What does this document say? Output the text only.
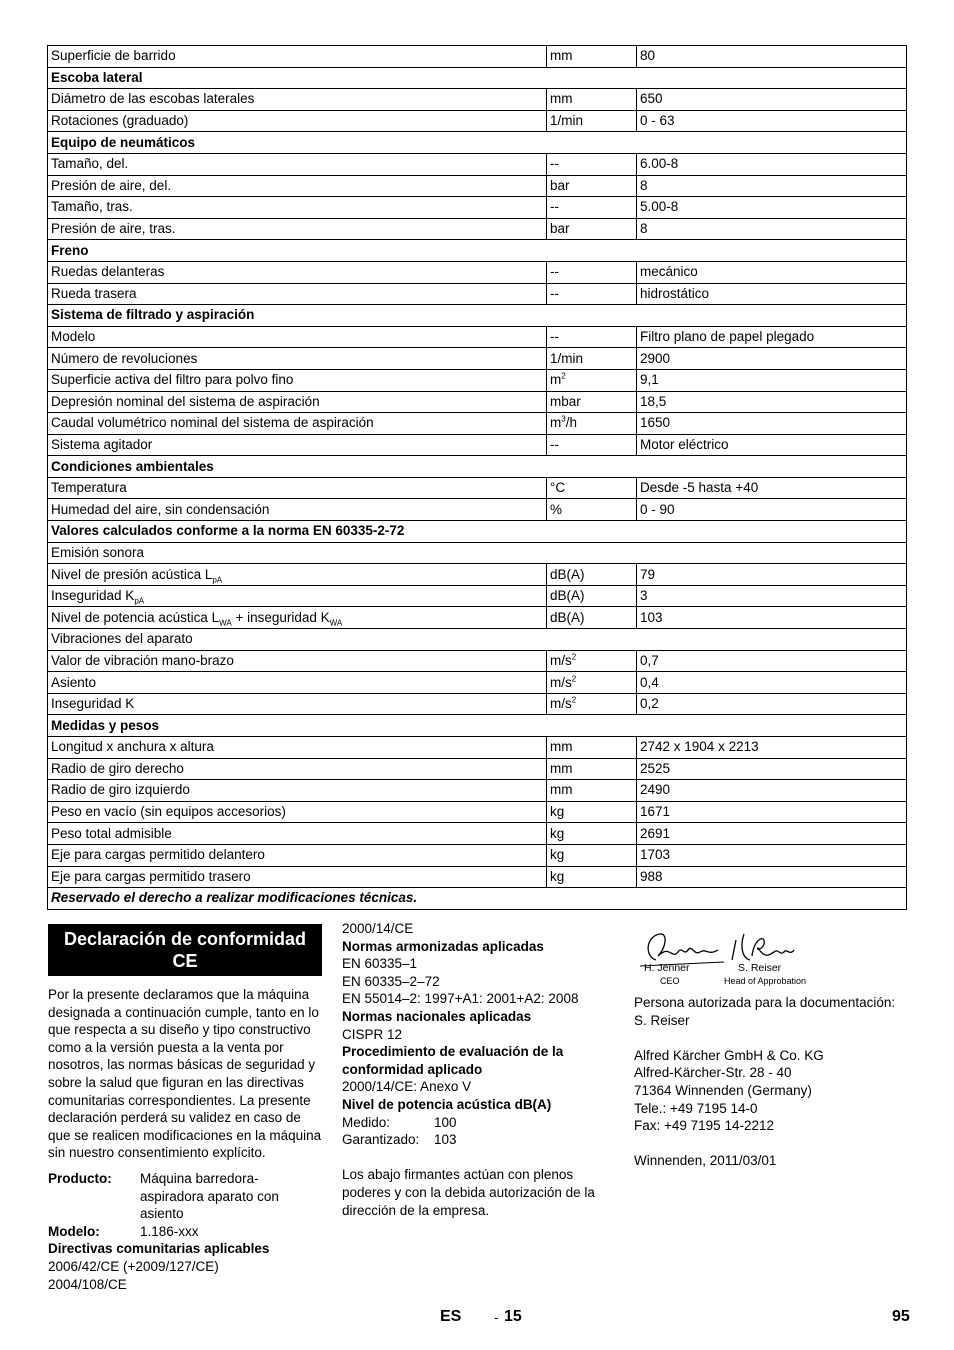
Superficie de barrido	mm	80
Escoba lateral		
Diámetro de las escobas laterales	mm	650
Rotaciones (graduado)	1/min	0 - 63
Equipo de neumáticos		
Tamaño, del.	--	6.00-8
Presión de aire, del.	bar	8
Tamaño, tras.	--	5.00-8
Presión de aire, tras.	bar	8
Freno		
Ruedas delanteras	--	mecánico
Rueda trasera	--	hidrostático
Sistema de filtrado y aspiración		
Modelo	--	Filtro plano de papel plegado
Número de revoluciones	1/min	2900
Superficie activa del filtro para polvo fino	$m^2$	9,1
Depresión nominal del sistema de aspiración	mbar	18,5
Caudal volumétrico nominal del sistema de aspiración	$m^3/h$	1650
Sistema agitador	--	Motor eléctrico
Condiciones ambientales		
Temperatura	°C	Desde -5 hasta +40
Humedad del aire, sin condensación	%	0 - 90
Valores calculados conforme a la norma EN 60335-2-72		
Emisión sonora		
Nivel de presión acústica $L_{pA}$	dB(A)	79
Inseguridad $K_{pA}$	dB(A)	3
Nivel de potencia acústica $L_{WA}$ + inseguridad $K_{WA}$	dB(A)	103
Vibraciones del aparato		
Valor de vibración mano-brazo	$m/s^2$	0,7
Asiento	$m/s^2$	0,4
Inseguridad K	$m/s^2$	0,2
Medidas y pesos		
Longitud x anchura x altura	mm	2742 x 1904 x 2213
Radio de giro derecho	mm	2525
Radio de giro izquierdo	mm	2490
Peso en vacío (sin equipos accesorios)	kg	1671
Peso total admisible	kg	2691
Eje para cargas permitido delantero	kg	1703
Eje para cargas permitido trasero	kg	988
Reservado el derecho a realizar modificaciones técnicas.		
Declaración de conformidad CE

Por la presente declaramos que la máquina designada a continuación cumple, tanto en lo que respecta a su diseño y tipo constructivo como a la versión puesta a la venta por nosotros, las normas básicas de seguridad y sobre la salud que figuran en las directivas comunitarias correspondientes. La presente declaración perderá su validez en caso de que se realicen modificaciones en la máquina sin nuestro consentimiento explícito.

Producto:	Máquina barredora-aspiradora aparato con asiento
Modelo:	1.186-xxx
Directivas comunitarias aplicables
2006/42/CE (+2009/127/CE)
2004/108/CE
2000/14/CE
Normas armonizadas aplicadas
EN 60335–1
EN 60335–2–72
EN 55014–2: 1997+A1: 2001+A2: 2008
Normas nacionales aplicadas
CISPR 12
Procedimiento de evaluación de la conformidad aplicado
2000/14/CE: Anexo V
Nivel de potencia acústica dB(A)
Medido:	100
Garantizado:	103

Los abajo firmantes actúan con plenos poderes y con la debida autorización de la dirección de la empresa.

H. Jenner
CEO
S. Reiser
Head of Approbation

Persona autorizada para la documentación:

S. Reiser
Alfred Kärcher GmbH & Co. KG
Alfred-Kärcher-Str. 28 - 40
71364 Winnenden (Germany)
Tele.: +49 7195 14-0
Fax: +49 7195 14-2212
Winnenden, 2011/03/01
ES	- 15	95
